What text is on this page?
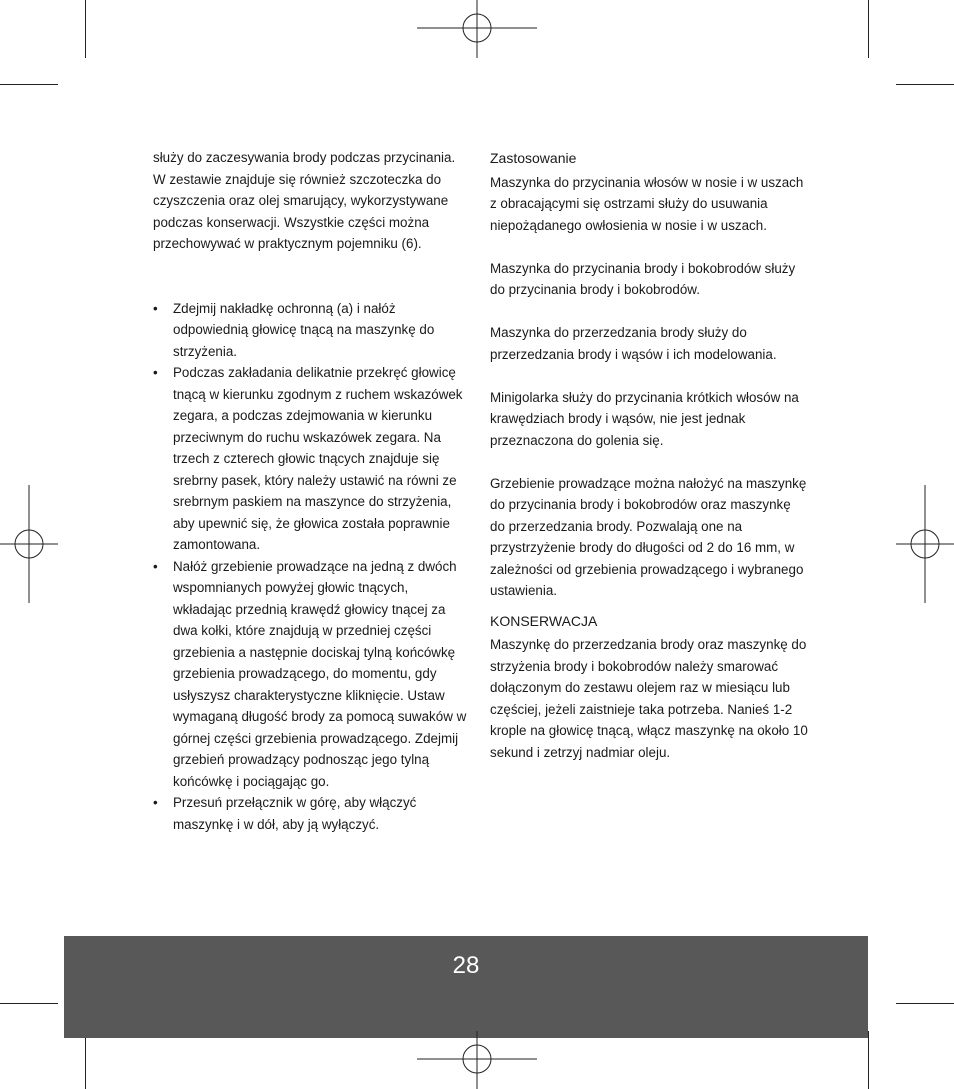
służy do zaczesywania brody podczas przycinania. W zestawie znajduje się również szczoteczka do czyszczenia oraz olej smarujący, wykorzystywane podczas konserwacji. Wszystkie części można przechowywać w praktycznym pojemniku (6).

• Zdejmij nakładkę ochronną (a) i nałóż odpowiednią głowicę tnącą na maszynkę do strzyżenia.
• Podczas zakładania delikatnie przekręć głowicę tnącą w kierunku zgodnym z ruchem wskazówek zegara, a podczas zdejmowania w kierunku przeciwnym do ruchu wskazówek zegara. Na trzech z czterech głowic tnących znajduje się srebrny pasek, który należy ustawić na równi ze srebrnym paskiem na maszynce do strzyżenia, aby upewnić się, że głowica została poprawnie zamontowana.
• Nałóż grzebienie prowadzące na jedną z dwóch wspomnianych powyżej głowic tnących, wkładając przednią krawędź głowicy tnącej za dwa kołki, które znajdują w przedniej części grzebienia a następnie dociskaj tylną końcówkę grzebienia prowadzącego, do momentu, gdy usłyszysz charakterystyczne kliknięcie. Ustaw wymaganą długość brody za pomocą suwaków w górnej części grzebienia prowadzącego. Zdejmij grzebień prowadzący podnosząc jego tylną końcówkę i pociągając go.
• Przesuń przełącznik w górę, aby włączyć maszynkę i w dół, aby ją wyłączyć.

Zastosowanie

Maszynka do przycinania włosów w nosie i w uszach z obracającymi się ostrzami służy do usuwania niepożądanego owłosienia w nosie i w uszach.

Maszynka do przycinania brody i bokobrodów służy do przycinania brody i bokobrodów.

Maszynka do przerzedzania brody służy do przerzedzania brody i wąsów i ich modelowania.

Minigolarka służy do przycinania krótkich włosów na krawędziach brody i wąsów, nie jest jednak przeznaczona do golenia się.

Grzebienie prowadzące można nałożyć na maszynkę do przycinania brody i bokobrodów oraz maszynkę do przerzedzania brody. Pozwalają one na przystrzyżenie brody do długości od 2 do 16 mm, w zależności od grzebienia prowadzącego i wybranego ustawienia.

KONSERWACJA

Maszynkę do przerzedzania brody oraz maszynkę do strzyżenia brody i bokobrodów należy smarować dołączonym do zestawu olejem raz w miesiącu lub częściej, jeżeli zaistnieje taka potrzeba. Nanieś 1-2 krople na głowicę tnącą, włącz maszynkę na około 10 sekund i zetrzyj nadmiar oleju.

28
